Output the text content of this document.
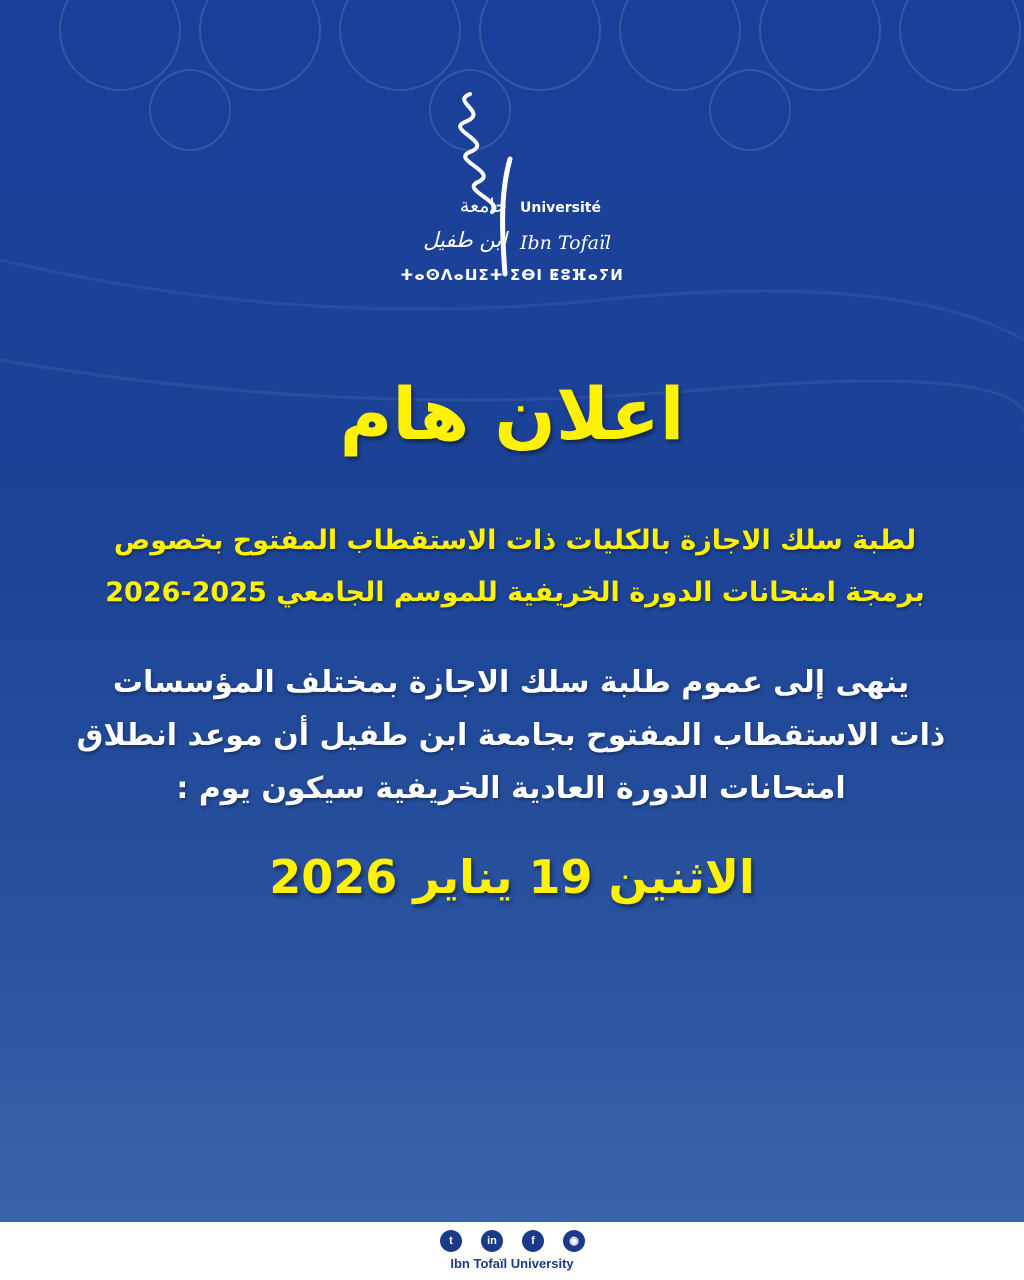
Université
Ibn Tofaïl
جامعة
ابن طفيل
ⵜⴰⵙⴷⴰⵡⵉⵜ ⵉⴱⵏ ⵟⵓⴼⴰⵢⵍ
اعلان هام
لطبة سلك الاجازة بالكليات ذات الاستقطاب المفتوح بخصوص
برمجة امتحانات الدورة الخريفية للموسم الجامعي 2025-2026
ينهى إلى عموم طلبة سلك الاجازة بمختلف المؤسسات
ذات الاستقطاب المفتوح بجامعة ابن طفيل أن موعد انطلاق
امتحانات الدورة العادية الخريفية سيكون يوم :
الاثنين 19 يناير 2026
t	in	f	◉
Ibn Tofaïl University
